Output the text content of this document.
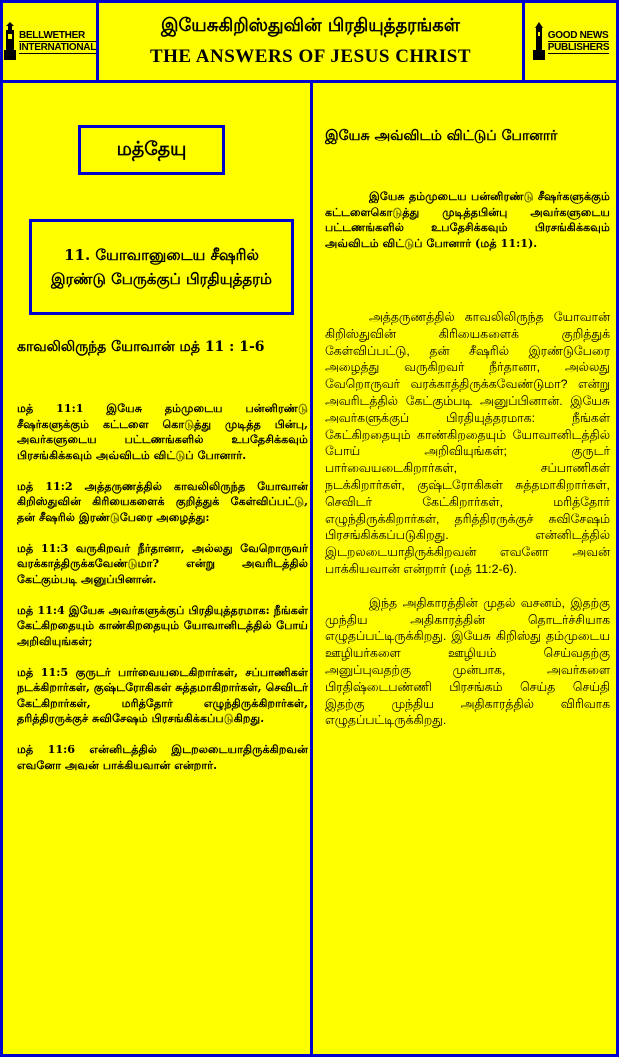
BELLWETHER
INTERNATIONAL
இயேசுகிறிஸ்துவின் பிரதியுத்தரங்கள்
THE ANSWERS OF JESUS CHRIST
GOOD NEWS
PUBLISHERS
மத்தேயு
11. யோவானுடைய சீஷரில் இரண்டு பேருக்குப் பிரதியுத்தரம்
காவலிலிருந்த யோவான் மத் 11 : 1-6

மத் 11:1 இயேசு தம்முடைய பன்னிரண்டு சீஷர்களுக்கும் கட்டளை கொடுத்து முடித்த பின்பு, அவர்களுடைய பட்டணங்களில் உபதேசிக்கவும் பிரசங்கிக்கவும் அவ்விடம் விட்டுப் போனார்.

மத் 11:2 அத்தருணத்தில் காவலிலிருந்த யோவான் கிறிஸ்துவின் கிரியைகளைக் குறித்துக் கேள்விப்பட்டு, தன் சீஷரில் இரண்டுபேரை அழைத்து:

மத் 11:3 வருகிறவர் நீர்தானா, அல்லது வேறொருவர் வரக்காத்திருக்கவேண்டுமா? என்று அவரிடத்தில் கேட்கும்படி அனுப்பினான்.

மத் 11:4 இயேசு அவர்களுக்குப் பிரதியுத்தரமாக: நீங்கள் கேட்கிறதையும் காண்கிறதையும் யோவானிடத்தில் போய் அறிவியுங்கள்;

மத் 11:5 குருடர் பார்வையடைகிறார்கள், சப்பாணிகள் நடக்கிறார்கள், குஷ்டரோகிகள் சுத்தமாகிறார்கள், செவிடர் கேட்கிறார்கள், மரித்தோர் எழுந்திருக்கிறார்கள், தரித்திரருக்குச் சுவிசேஷம் பிரசங்கிக்கப்படுகிறது.

மத் 11:6 என்னிடத்தில் இடறலடையாதிருக்கிறவன் எவனோ அவன் பாக்கியவான் என்றார்.

இயேசு அவ்விடம் விட்டுப் போனார்

இயேசு தம்முடைய பன்னிரண்டு சீஷர்களுக்கும் கட்டளைகொடுத்து முடித்தபின்பு அவர்களுடைய பட்டணங்களில் உபதேசிக்கவும் பிரசங்கிக்கவும் அவ்விடம் விட்டுப் போனார் (மத் 11:1).

அத்தருணத்தில் காவலிலிருந்த யோவான் கிறிஸ்துவின் கிரியைகளைக் குறித்துக் கேள்விப்பட்டு, தன் சீஷரில் இரண்டுபேரை அழைத்து வருகிறவர் நீர்தானா, அல்லது வேறொருவர் வரக்காத்திருக்கவேண்டுமா? என்று அவரிடத்தில் கேட்கும்படி அனுப்பினான். இயேசு அவர்களுக்குப் பிரதியுத்தரமாக: நீங்கள் கேட்கிறதையும் காண்கிறதையும் யோவானிடத்தில் போய் அறிவியுங்கள்; குருடர் பார்வையடைகிறார்கள், சப்பாணிகள் நடக்கிறார்கள், குஷ்டரோகிகள் சுத்தமாகிறார்கள், செவிடர் கேட்கிறார்கள், மரித்தோர் எழுந்திருக்கிறார்கள், தரித்திரருக்குச் சுவிசேஷம் பிரசங்கிக்கப்படுகிறது. என்னிடத்தில் இடறலடையாதிருக்கிறவன் எவனோ அவன் பாக்கியவான் என்றார் (மத் 11:2-6).

இந்த அதிகாரத்தின் முதல் வசனம், இதற்கு முந்திய அதிகாரத்தின் தொடர்ச்சியாக எழுதப்பட்டிருக்கிறது. இயேசு கிறிஸ்து தம்முடைய ஊழியர்களை ஊழியம் செய்வதற்கு அனுப்புவதற்கு முன்பாக, அவர்களை பிரதிஷ்டைபண்ணி பிரசங்கம் செய்த செய்தி இதற்கு முந்திய அதிகாரத்தில் விரிவாக எழுதப்பட்டிருக்கிறது.
